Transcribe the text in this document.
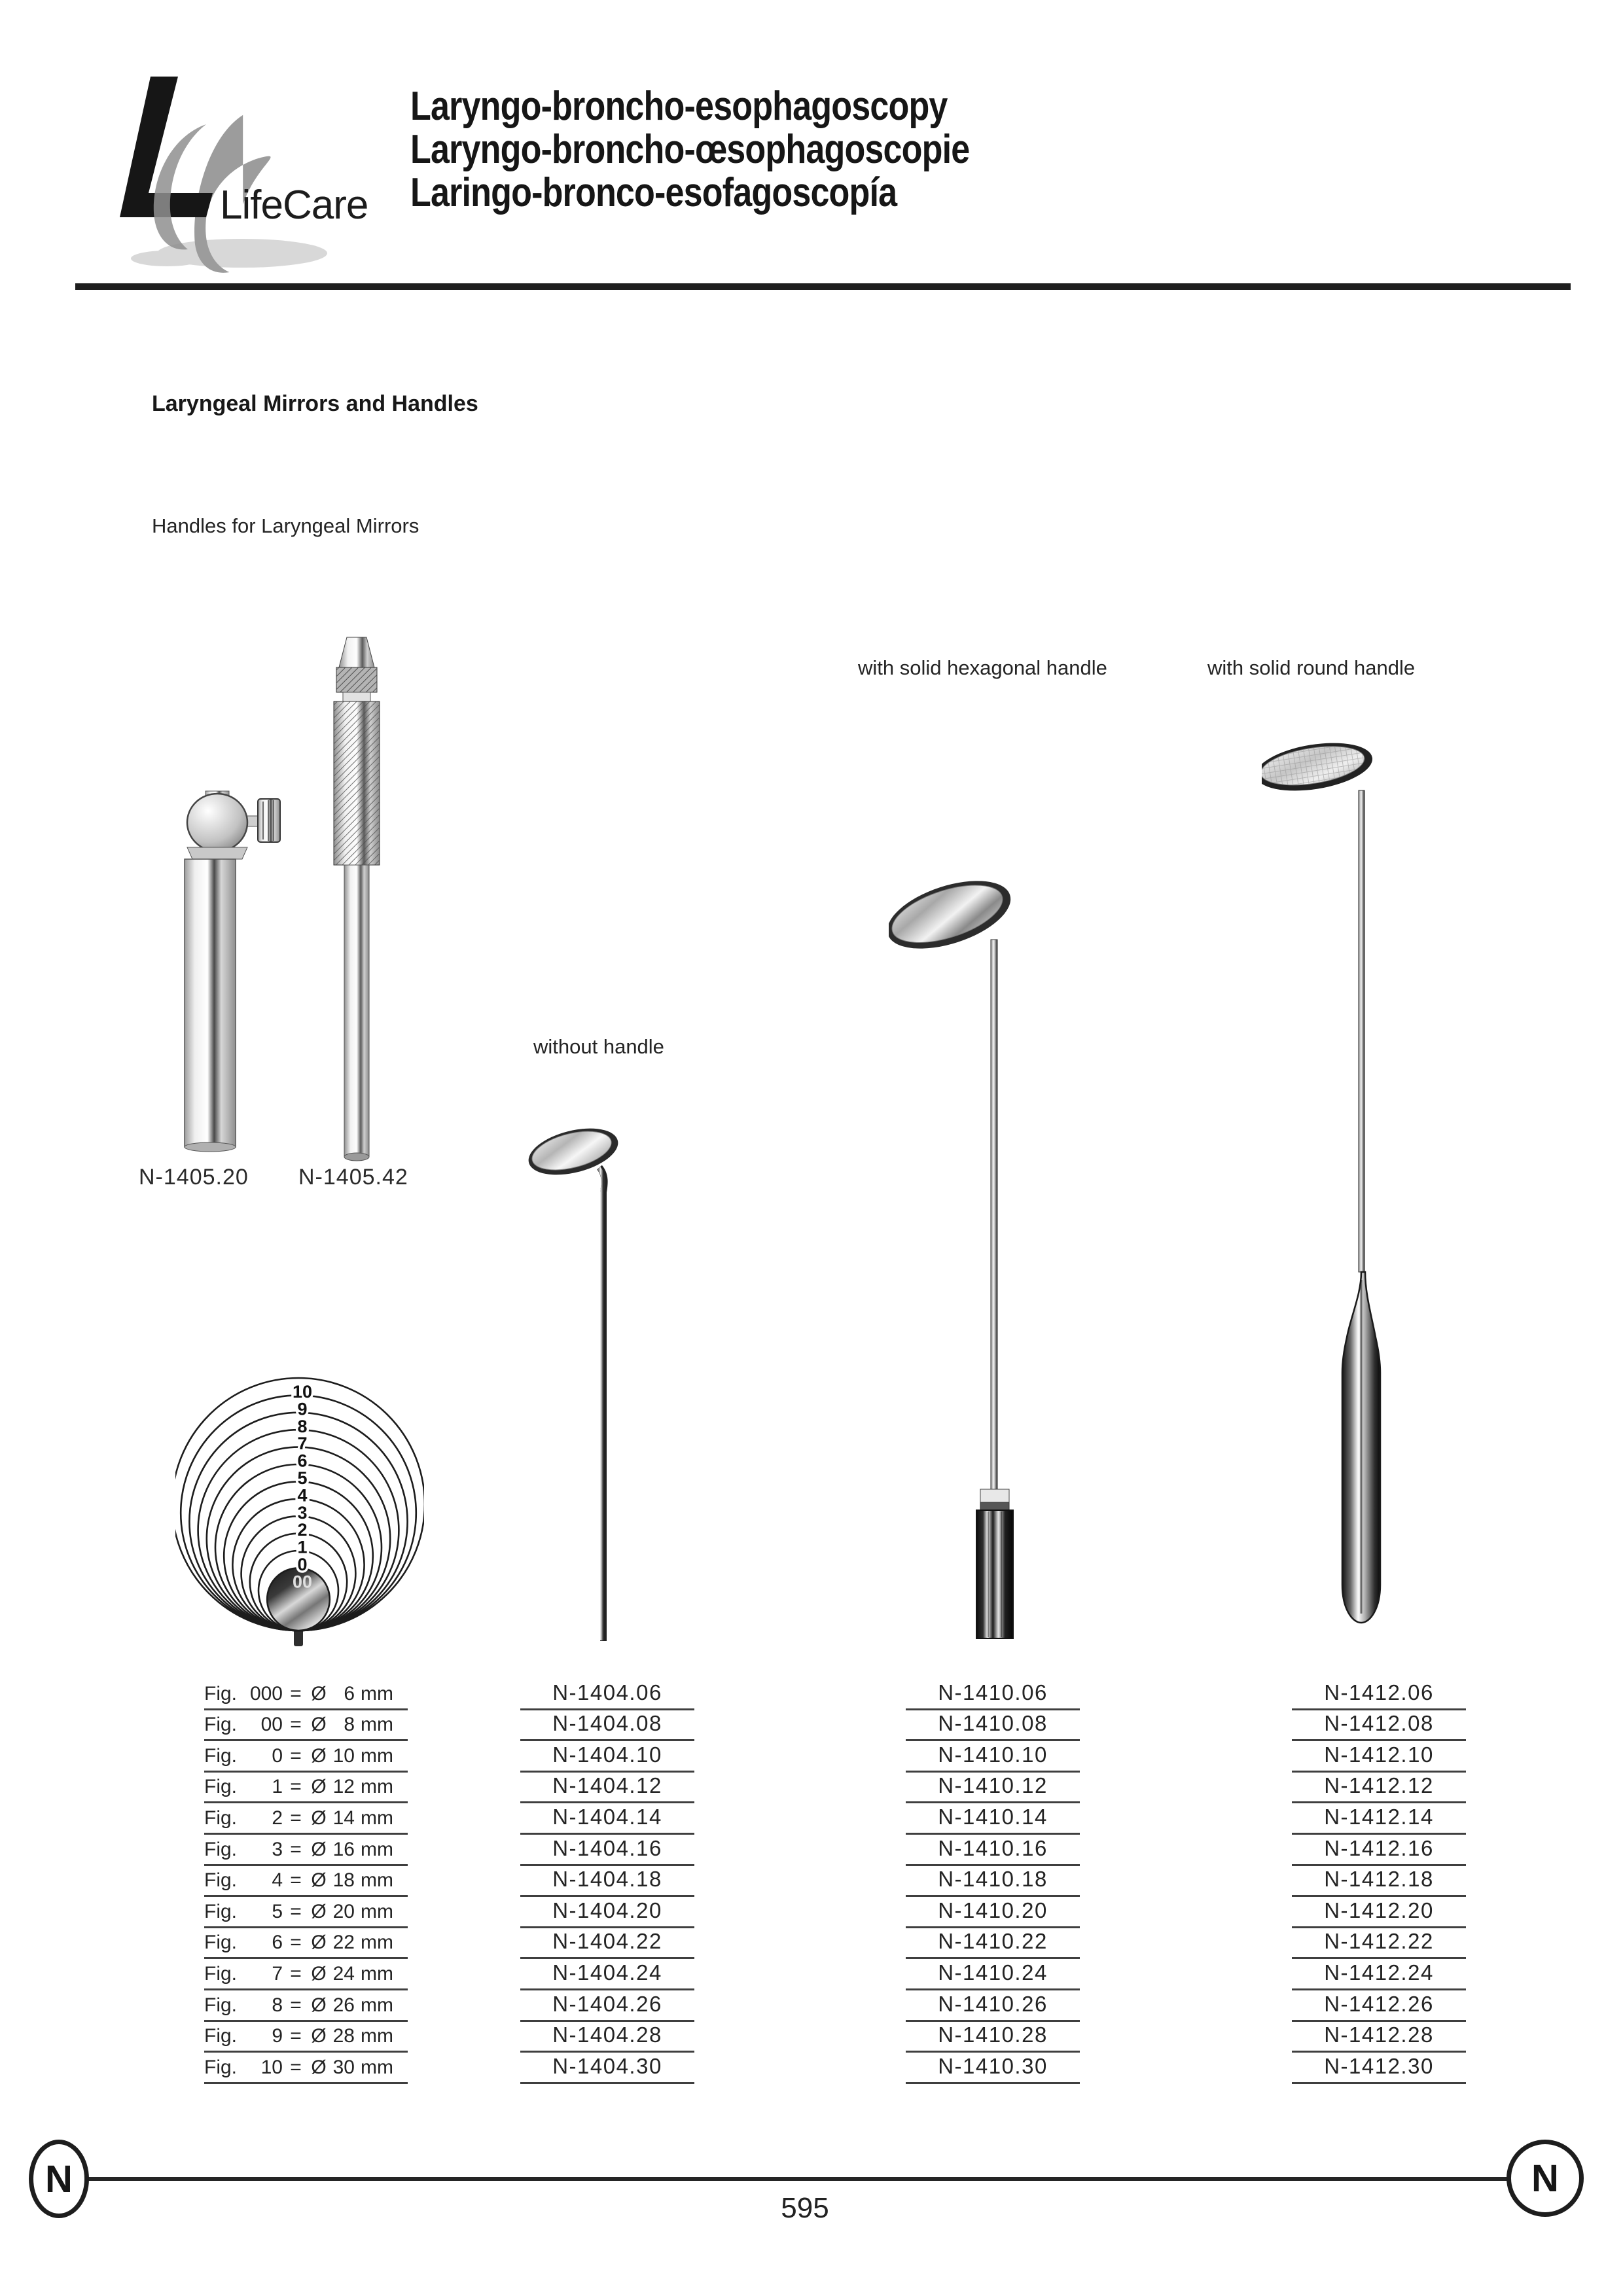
LifeCare
Laryngo-broncho-esophagoscopy
Laryngo-broncho-œsophagoscopie
Laringo-bronco-esofagoscopía
Laryngeal Mirrors and Handles
Handles for Laryngeal Mirrors
with solid hexagonal handle	with solid round handle
without handle
N-1405.20 N-1405.42
10
9
8
7
6
5
4
3
2
1
0
00
Fig. 000 = Ø 6 mm	N-1404.06	N-1410.06	N-1412.06
Fig.	00 = Ø 8 mm	N-1404.08	N-1410.08	N-1412.08
Fig.	0 = Ø 10 mm	N-1404.10	N-1410.10	N-1412.10
Fig.	1 = Ø 12 mm	N-1404.12	N-1410.12	N-1412.12
Fig.	2 = Ø 14 mm	N-1404.14	N-1410.14	N-1412.14
Fig.	3 = Ø 16 mm	N-1404.16	N-1410.16	N-1412.16
Fig.	4 = Ø 18 mm	N-1404.18	N-1410.18	N-1412.18
Fig.	5 = Ø 20 mm	N-1404.20	N-1410.20	N-1412.20
Fig.	6 = Ø 22 mm	N-1404.22	N-1410.22	N-1412.22
Fig.	7 = Ø 24 mm	N-1404.24	N-1410.24	N-1412.24
Fig.	8 = Ø 26 mm	N-1404.26	N-1410.26	N-1412.26
Fig.	9 = Ø 28 mm	N-1404.28	N-1410.28	N-1412.28
Fig.	10 = Ø 30 mm	N-1404.30	N-1410.30	N-1412.30
N	N
595
